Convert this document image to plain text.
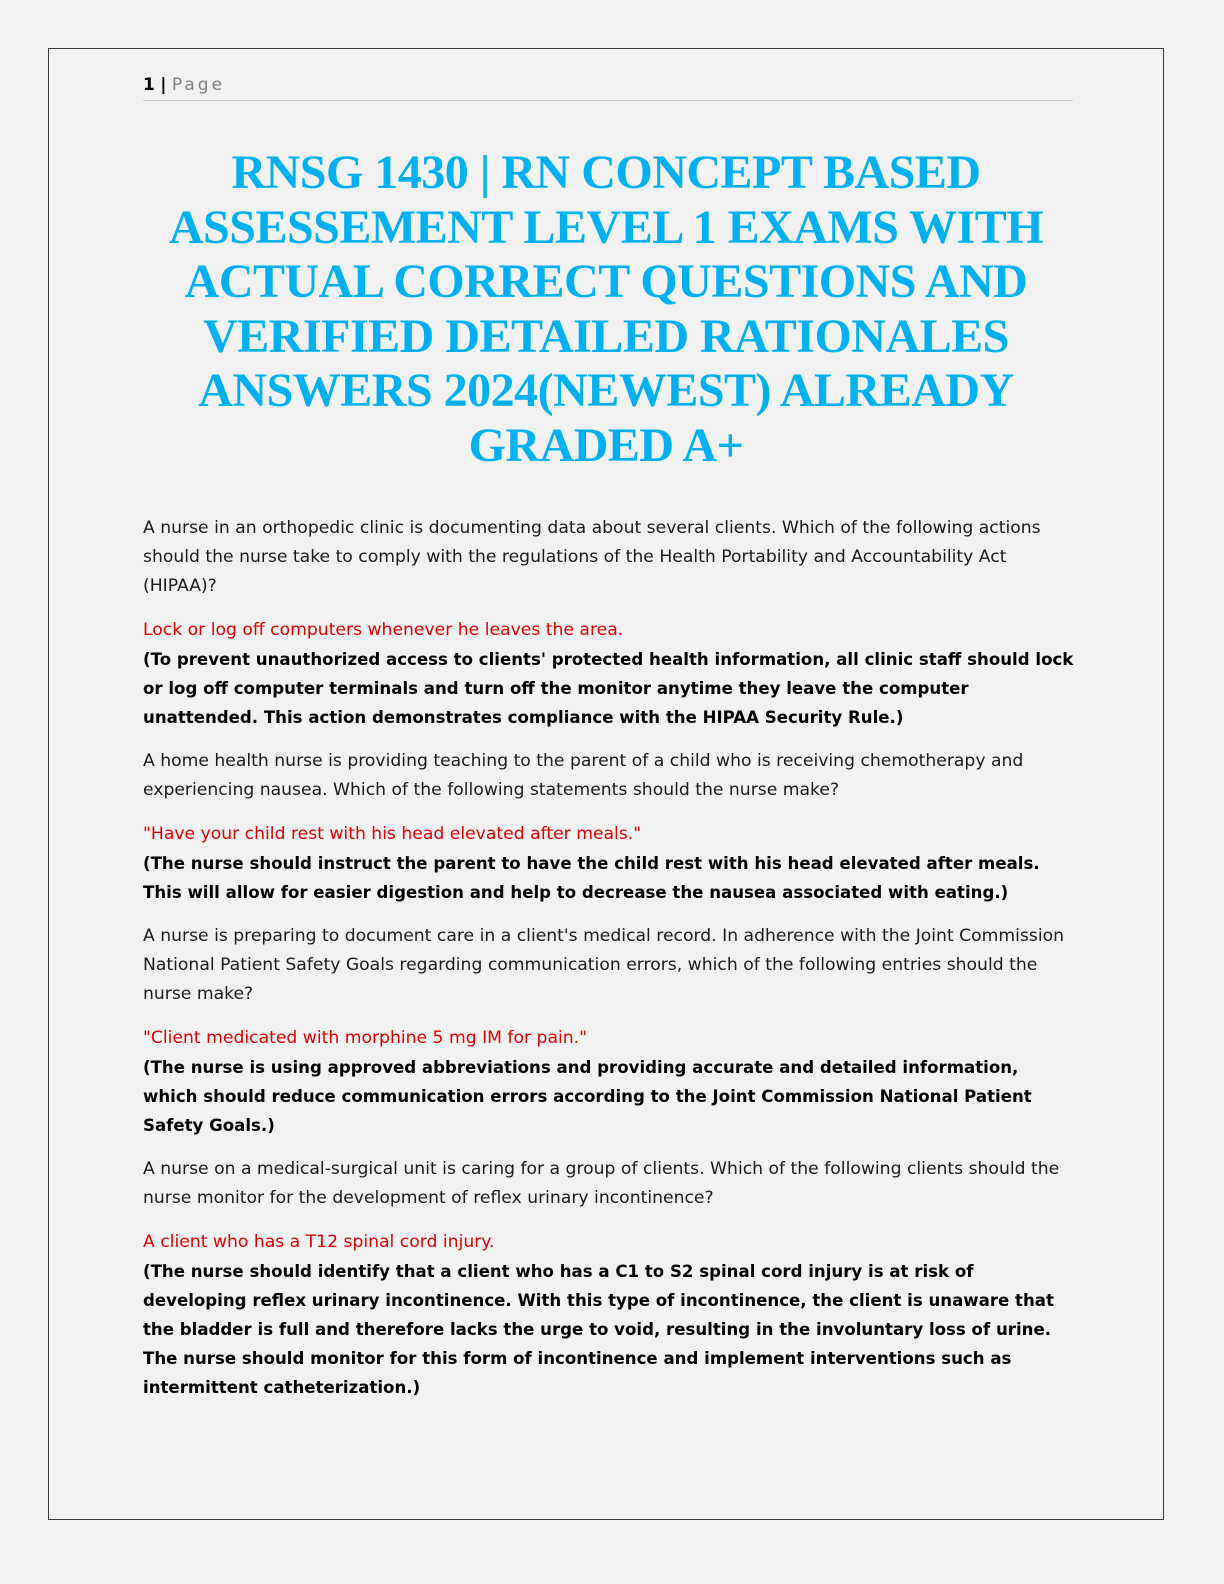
1 | Page
RNSG 1430 | RN CONCEPT BASED ASSESSEMENT LEVEL 1 EXAMS WITH ACTUAL CORRECT QUESTIONS AND VERIFIED DETAILED RATIONALES ANSWERS 2024(NEWEST) ALREADY GRADED A+

A nurse in an orthopedic clinic is documenting data about several clients. Which of the following actions should the nurse take to comply with the regulations of the Health Portability and Accountability Act (HIPAA)?

Lock or log off computers whenever he leaves the area.

(To prevent unauthorized access to clients' protected health information, all clinic staff should lock or log off computer terminals and turn off the monitor anytime they leave the computer unattended. This action demonstrates compliance with the HIPAA Security Rule.)

A home health nurse is providing teaching to the parent of a child who is receiving chemotherapy and experiencing nausea. Which of the following statements should the nurse make?

"Have your child rest with his head elevated after meals."

(The nurse should instruct the parent to have the child rest with his head elevated after meals. This will allow for easier digestion and help to decrease the nausea associated with eating.)

A nurse is preparing to document care in a client's medical record. In adherence with the Joint Commission National Patient Safety Goals regarding communication errors, which of the following entries should the nurse make?

"Client medicated with morphine 5 mg IM for pain."

(The nurse is using approved abbreviations and providing accurate and detailed information, which should reduce communication errors according to the Joint Commission National Patient Safety Goals.)

A nurse on a medical-surgical unit is caring for a group of clients. Which of the following clients should the nurse monitor for the development of reflex urinary incontinence?

A client who has a T12 spinal cord injury.

(The nurse should identify that a client who has a C1 to S2 spinal cord injury is at risk of developing reflex urinary incontinence. With this type of incontinence, the client is unaware that the bladder is full and therefore lacks the urge to void, resulting in the involuntary loss of urine. The nurse should monitor for this form of incontinence and implement interventions such as intermittent catheterization.)
